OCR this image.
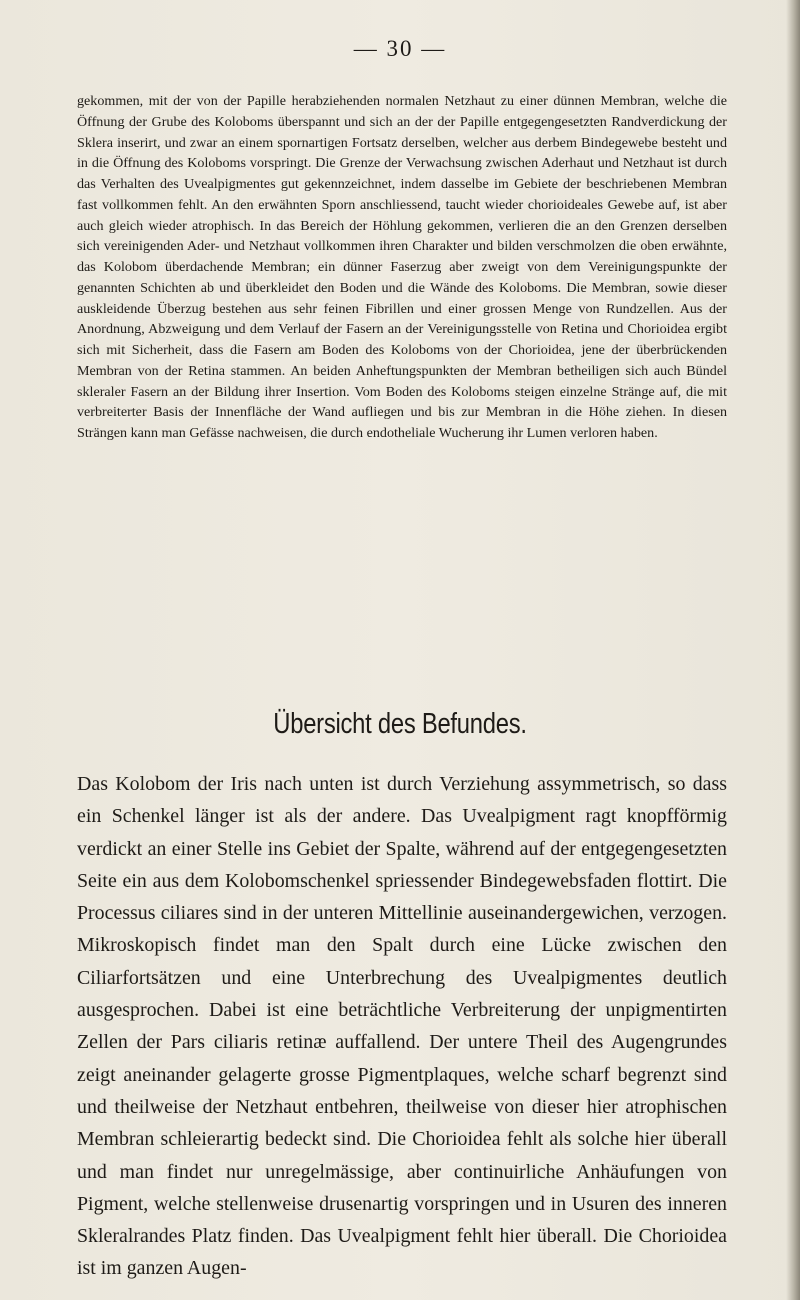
— 30 —

gekommen, mit der von der Papille herabziehenden normalen Netzhaut zu einer dünnen Membran, welche die Öffnung der Grube des Koloboms überspannt und sich an der der Papille entgegengesetzten Randverdickung der Sklera inserirt, und zwar an einem spornartigen Fortsatz derselben, welcher aus derbem Bindegewebe besteht und in die Öffnung des Koloboms vorspringt. Die Grenze der Verwachsung zwischen Aderhaut und Netzhaut ist durch das Verhalten des Uvealpigmentes gut gekennzeichnet, indem dasselbe im Gebiete der beschriebenen Membran fast vollkommen fehlt. An den erwähnten Sporn anschliessend, taucht wieder chorioideales Gewebe auf, ist aber auch gleich wieder atrophisch. In das Bereich der Höhlung gekommen, verlieren die an den Grenzen derselben sich vereinigenden Ader- und Netzhaut vollkommen ihren Charakter und bilden verschmolzen die oben erwähnte, das Kolobom überdachende Membran; ein dünner Faserzug aber zweigt von dem Vereinigungspunkte der genannten Schichten ab und überkleidet den Boden und die Wände des Koloboms. Die Membran, sowie dieser auskleidende Überzug bestehen aus sehr feinen Fibrillen und einer grossen Menge von Rundzellen. Aus der Anordnung, Abzweigung und dem Verlauf der Fasern an der Vereinigungsstelle von Retina und Chorioidea ergibt sich mit Sicherheit, dass die Fasern am Boden des Koloboms von der Chorioidea, jene der überbrückenden Membran von der Retina stammen. An beiden Anheftungspunkten der Membran betheiligen sich auch Bündel skleraler Fasern an der Bildung ihrer Insertion. Vom Boden des Koloboms steigen einzelne Stränge auf, die mit verbreiterter Basis der Innenfläche der Wand aufliegen und bis zur Membran in die Höhe ziehen. In diesen Strängen kann man Gefässe nachweisen, die durch endotheliale Wucherung ihr Lumen verloren haben.

Übersicht des Befundes.

Das Kolobom der Iris nach unten ist durch Verziehung assymmetrisch, so dass ein Schenkel länger ist als der andere. Das Uvealpigment ragt knopfförmig verdickt an einer Stelle ins Gebiet der Spalte, während auf der entgegengesetzten Seite ein aus dem Kolobomschenkel spriessender Bindegewebsfaden flottirt. Die Processus ciliares sind in der unteren Mittellinie auseinandergewichen, verzogen. Mikroskopisch findet man den Spalt durch eine Lücke zwischen den Ciliarfortsätzen und eine Unterbrechung des Uvealpigmentes deutlich ausgesprochen. Dabei ist eine beträchtliche Verbreiterung der unpigmentirten Zellen der Pars ciliaris retinæ auffallend. Der untere Theil des Augengrundes zeigt aneinander gelagerte grosse Pigmentplaques, welche scharf begrenzt sind und theilweise der Netzhaut entbehren, theilweise von dieser hier atrophischen Membran schleierartig bedeckt sind. Die Chorioidea fehlt als solche hier überall und man findet nur unregelmässige, aber continuirliche Anhäufungen von Pigment, welche stellenweise drusenartig vorspringen und in Usuren des inneren Skleralrandes Platz finden. Das Uvealpigment fehlt hier überall. Die Chorioidea ist im ganzen Augen-
